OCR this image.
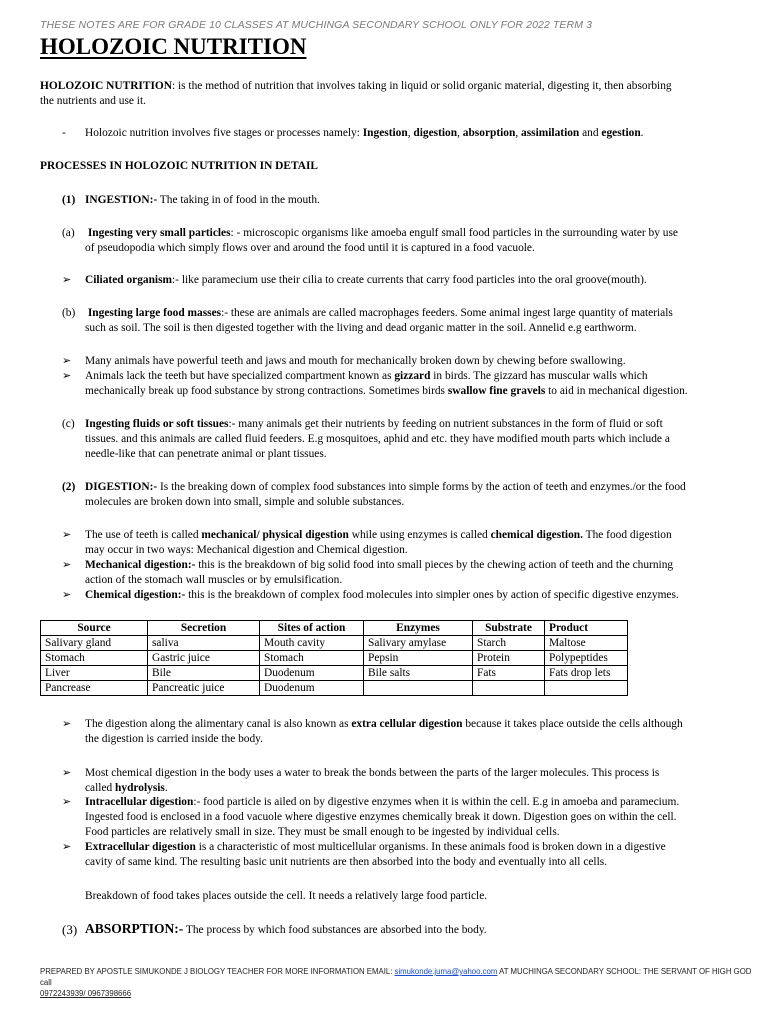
THESE NOTES ARE FOR GRADE 10 CLASSES AT MUCHINGA SECONDARY SCHOOL ONLY FOR 2022 TERM 3
HOLOZOIC NUTRITION
HOLOZOIC NUTRITION: is the method of nutrition that involves taking in liquid or solid organic material, digesting it, then absorbing
the nutrients and use it.
- Holozoic nutrition involves five stages or processes namely: Ingestion, digestion, absorption, assimilation and egestion.
PROCESSES IN HOLOZOIC NUTRITION IN DETAIL
(1) INGESTION:- The taking in of food in the mouth.
(a) Ingesting very small particles: - microscopic organisms like amoeba engulf small food particles in the surrounding water by use
of pseudopodia which simply flows over and around the food until it is captured in a food vacuole.
➢ Ciliated organism:- like paramecium use their cilia to create currents that carry food particles into the oral groove(mouth).
(b) Ingesting large food masses:- these are animals are called macrophages feeders. Some animal ingest large quantity of materials
such as soil. The soil is then digested together with the living and dead organic matter in the soil. Annelid e.g earthworm.
➢ Many animals have powerful teeth and jaws and mouth for mechanically broken down by chewing before swallowing.
➢ Animals lack the teeth but have specialized compartment known as gizzard in birds. The gizzard has muscular walls which
mechanically break up food substance by strong contractions. Sometimes birds swallow fine gravels to aid in mechanical digestion.
(c) Ingesting fluids or soft tissues:- many animals get their nutrients by feeding on nutrient substances in the form of fluid or soft
tissues. and this animals are called fluid feeders. E.g mosquitoes, aphid and etc. they have modified mouth parts which include a
needle-like that can penetrate animal or plant tissues.
(2) DIGESTION:- Is the breaking down of complex food substances into simple forms by the action of teeth and enzymes./or the food
molecules are broken down into small, simple and soluble substances.
➢ The use of teeth is called mechanical/ physical digestion while using enzymes is called chemical digestion. The food digestion
may occur in two ways: Mechanical digestion and Chemical digestion.
➢ Mechanical digestion:- this is the breakdown of big solid food into small pieces by the chewing action of teeth and the churning
action of the stomach wall muscles or by emulsification.
➢ Chemical digestion:- this is the breakdown of complex food molecules into simpler ones by action of specific digestive enzymes.
Source	Secretion	Sites of action	Enzymes	Substrate	Product
Salivary gland	saliva	Mouth cavity	Salivary amylase	Starch	Maltose
Stomach	Gastric juice	Stomach	Pepsin	Protein	Polypeptides
Liver	Bile	Duodenum	Bile salts	Fats	Fats drop lets
Pancrease	Pancreatic juice	Duodenum			
➢ The digestion along the alimentary canal is also known as extra cellular digestion because it takes place outside the cells although
the digestion is carried inside the body.
➢ Most chemical digestion in the body uses a water to break the bonds between the parts of the larger molecules. This process is
called hydrolysis.
➢ Intracellular digestion:- food particle is ailed on by digestive enzymes when it is within the cell. E.g in amoeba and paramecium.
Ingested food is enclosed in a food vacuole where digestive enzymes chemically break it down. Digestion goes on within the cell.
Food particles are relatively small in size. They must be small enough to be ingested by individual cells.
➢ Extracellular digestion is a characteristic of most multicellular organisms. In these animals food is broken down in a digestive
cavity of same kind. The resulting basic unit nutrients are then absorbed into the body and eventually into all cells.
Breakdown of food takes places outside the cell. It needs a relatively large food particle.
(3) ABSORPTION:- The process by which food substances are absorbed into the body.
PREPARED BY APOSTLE SIMUKONDE J BIOLOGY TEACHER FOR MORE INFORMATION EMAIL: simukonde.juma@yahoo.com AT MUCHINGA SECONDARY SCHOOL: THE SERVANT OF HIGH GOD call
0972243939/ 0967398666
